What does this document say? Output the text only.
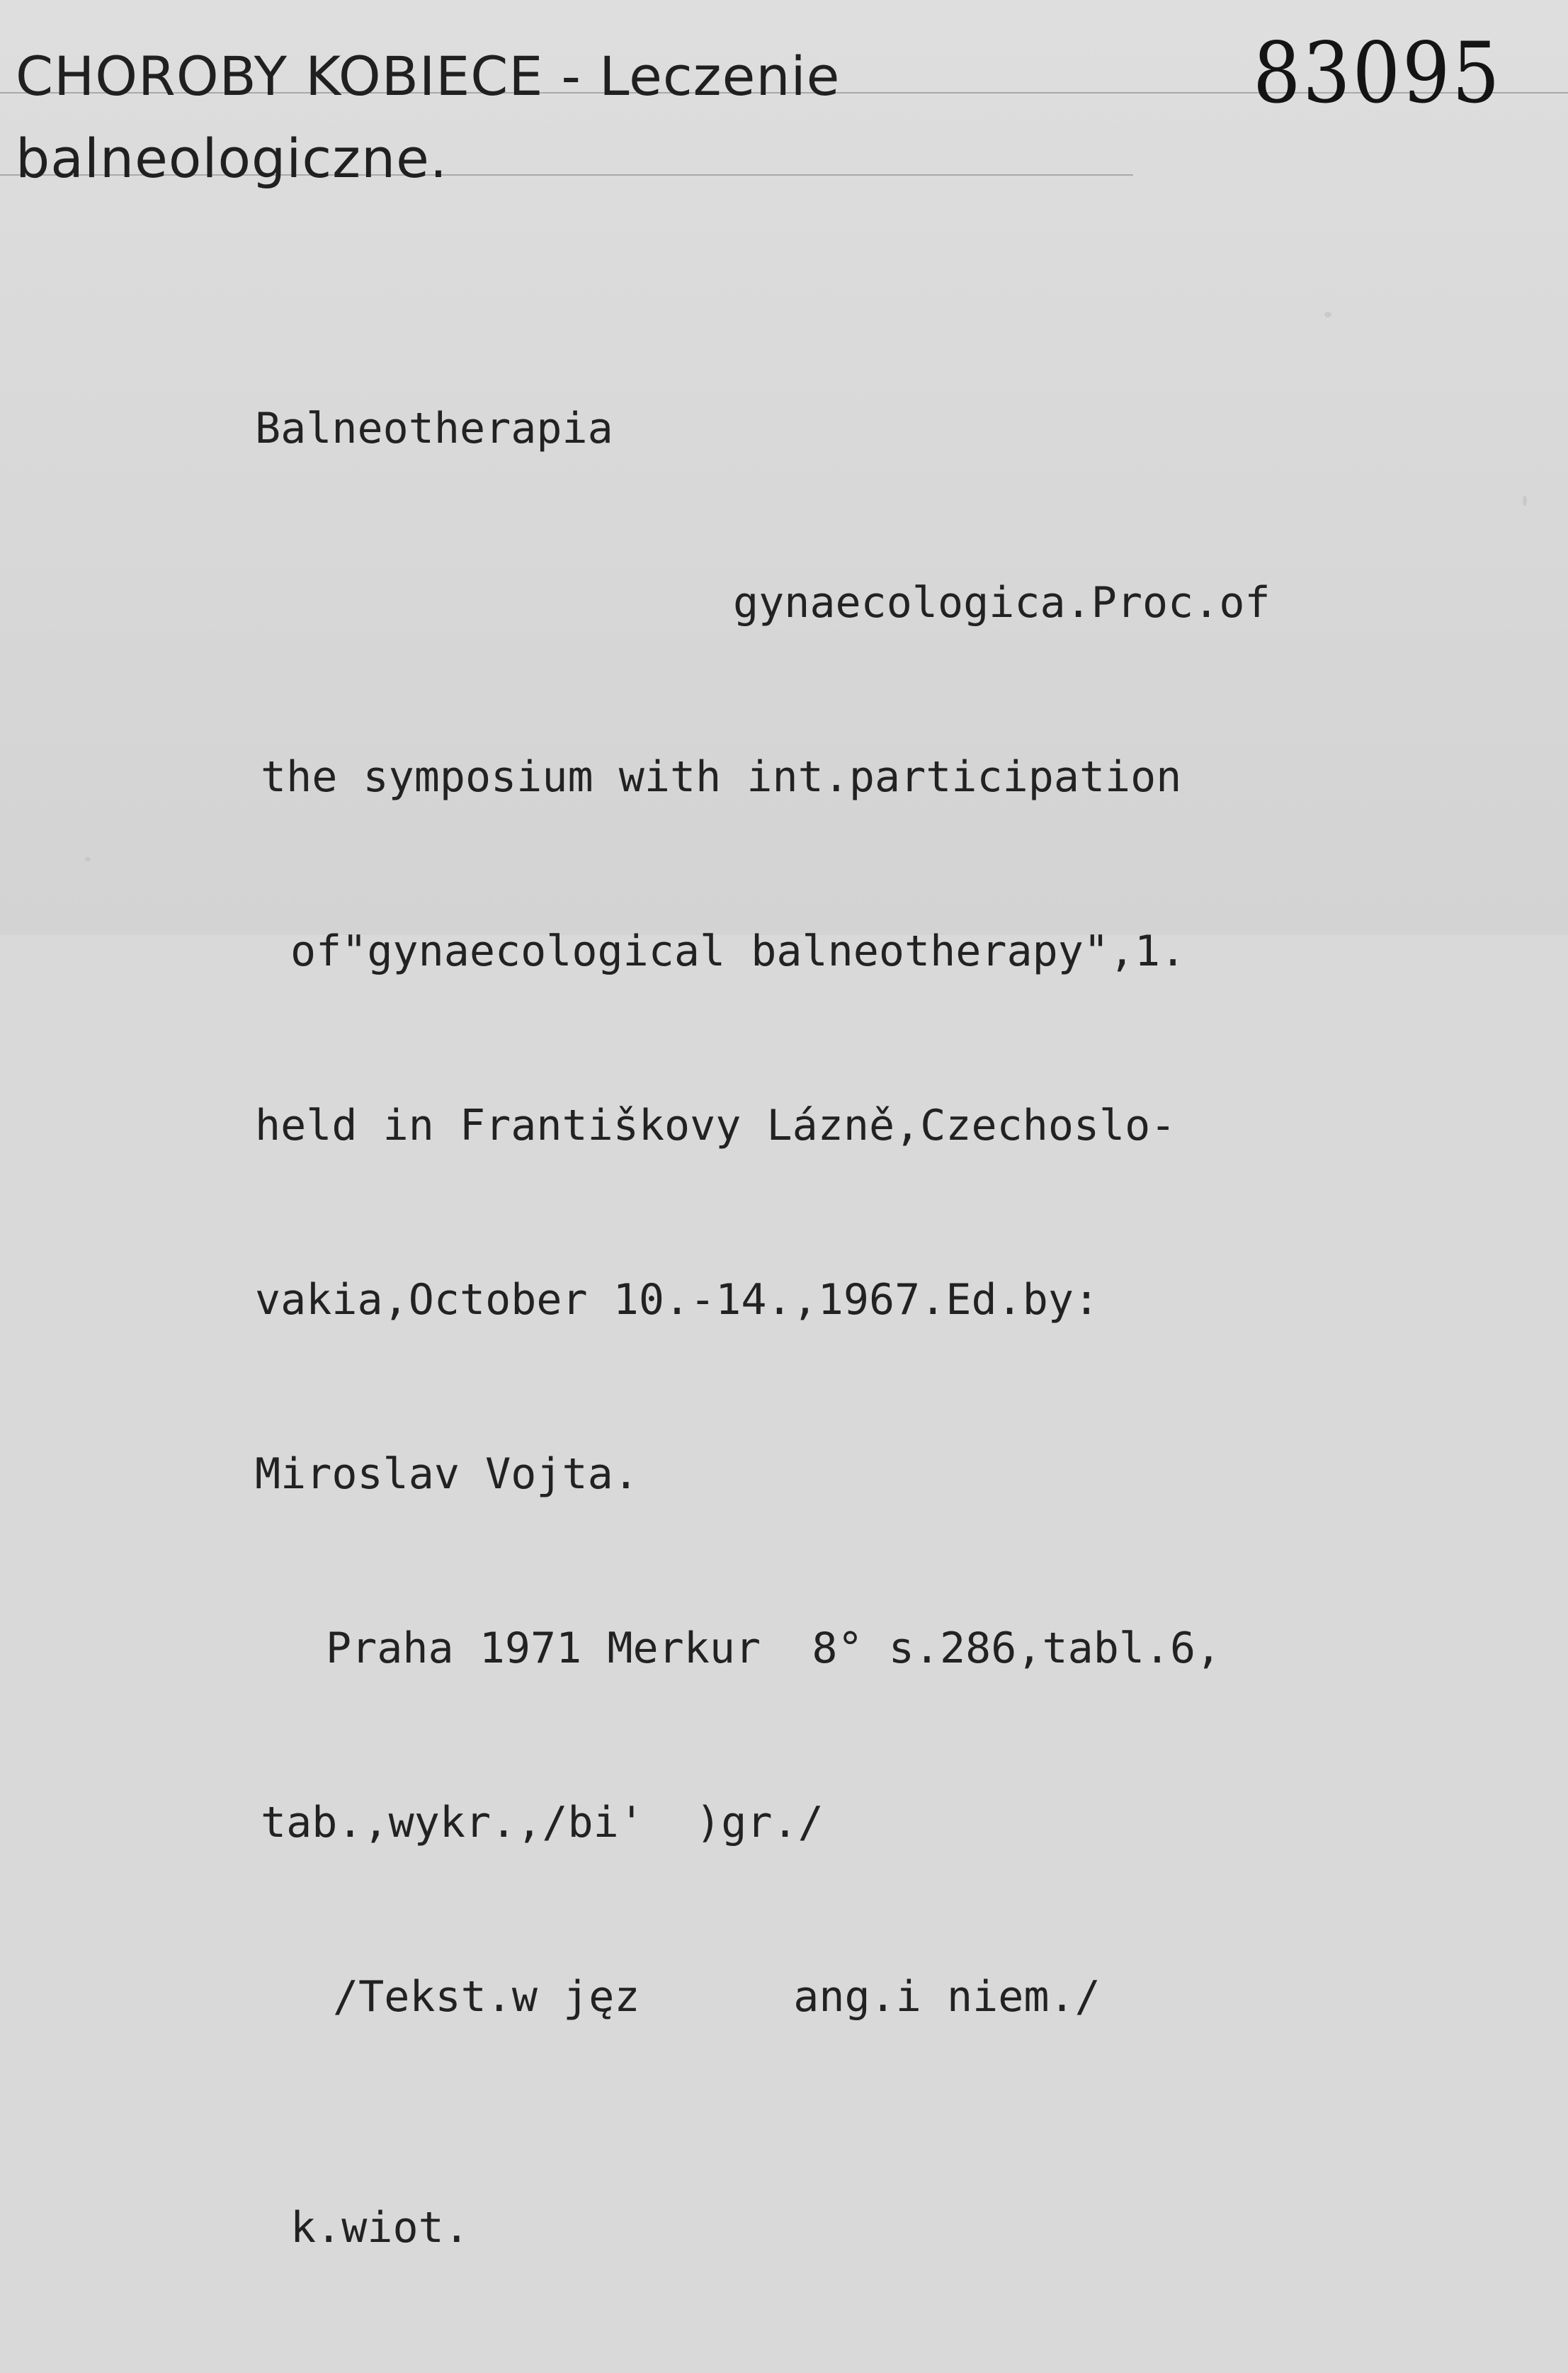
CHOROBY KOBIECE - Leczenie
balneologiczne.
83095

Balneotherapia

gynaecologica.Proc.of

the symposium with int.participation

of"gynaecological balneotherapy",1.

held in Františkovy Lázně,Czechoslo-

vakia,October 10.-14.,1967.Ed.by:

Miroslav Vojta.

Praha 1971 Merkur  8° s.286,tabl.6,

tab.,wykr.,/bi'  )gr./

/Tekst.w jęz      ang.i niem./

k.wiot.
